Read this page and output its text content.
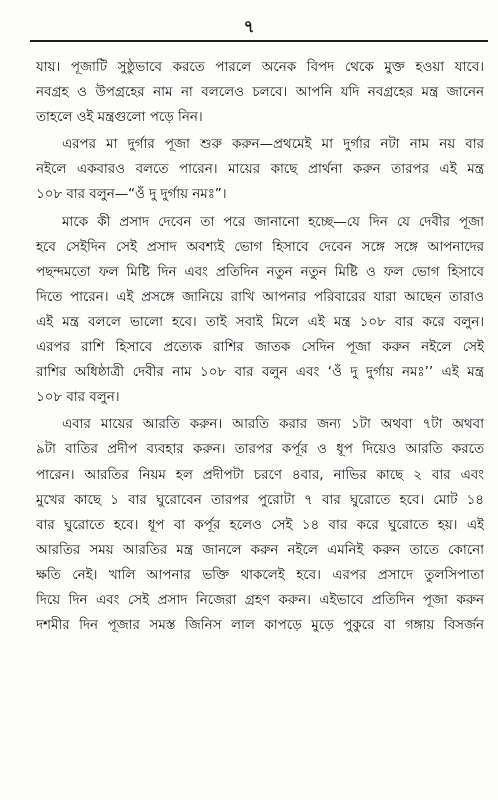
৭

যায়। পূজাটি সুষ্ঠুভাবে করতে পারলে অনেক বিপদ থেকে মুক্ত হওয়া যাবে।
নবগ্রহ ও উপগ্রহের নাম না বললেও চলবে। আপনি যদি নবগ্রহের মন্ত্র জানেন
তাহলে ওই মন্ত্রগুলো পড়ে নিন।

এরপর মা দুর্গার পূজা শুরু করুন—প্রথমেই মা দুর্গার নটা নাম নয় বার
নইলে একবারও বলতে পারেন। মায়ের কাছে প্রার্থনা করুন তারপর এই মন্ত্র
১০৮ বার বলুন—“ওঁ দু দুর্গায় নমঃ”।

মাকে কী প্রসাদ দেবেন তা পরে জানানো হচ্ছে—যে দিন যে দেবীর পূজা
হবে সেইদিন সেই প্রসাদ অবশ্যই ভোগ হিসাবে দেবেন সঙ্গে সঙ্গে আপনাদের
পছন্দমতো ফল মিষ্টি দিন এবং প্রতিদিন নতুন নতুন মিষ্টি ও ফল ভোগ হিসাবে
দিতে পারেন। এই প্রসঙ্গে জানিয়ে রাখি আপনার পরিবারের যারা আছেন তারাও
এই মন্ত্র বললে ভালো হবে। তাই সবাই মিলে এই মন্ত্র ১০৮ বার করে বলুন।
এরপর রাশি হিসাবে প্রত্যেক রাশির জাতক সেদিন পূজা করুন নইলে সেই
রাশির অধিষ্ঠাত্রী দেবীর নাম ১০৮ বার বলুন এবং ‘ওঁ দু দুর্গায় নমঃ’’ এই মন্ত্র
১০৮ বার বলুন।

এবার মায়ের আরতি করুন। আরতি করার জন্য ১টা অথবা ৭টা অথবা
৯টা বাতির প্রদীপ ব্যবহার করুন। তারপর কর্পূর ও ধূপ দিয়েও আরতি করতে
পারেন। আরতির নিয়ম হল প্রদীপটা চরণে ৪বার, নাভির কাছে ২ বার এবং
মুখের কাছে ১ বার ঘুরোবেন তারপর পুরোটা ৭ বার ঘুরোতে হবে। মোট ১৪
বার ঘুরোতে হবে। ধূপ বা কর্পূর হলেও সেই ১৪ বার করে ঘুরোতে হয়। এই
আরতির সময় আরতির মন্ত্র জানলে করুন নইলে এমনিই করুন তাতে কোনো
ক্ষতি নেই। খালি আপনার ভক্তি থাকলেই হবে। এরপর প্রসাদে তুলসিপাতা
দিয়ে দিন এবং সেই প্রসাদ নিজেরা গ্রহণ করুন। এইভাবে প্রতিদিন পূজা করুন
দশমীর দিন পূজার সমস্ত জিনিস লাল কাপড়ে মুড়ে পুকুরে বা গঙ্গায় বিসর্জন
